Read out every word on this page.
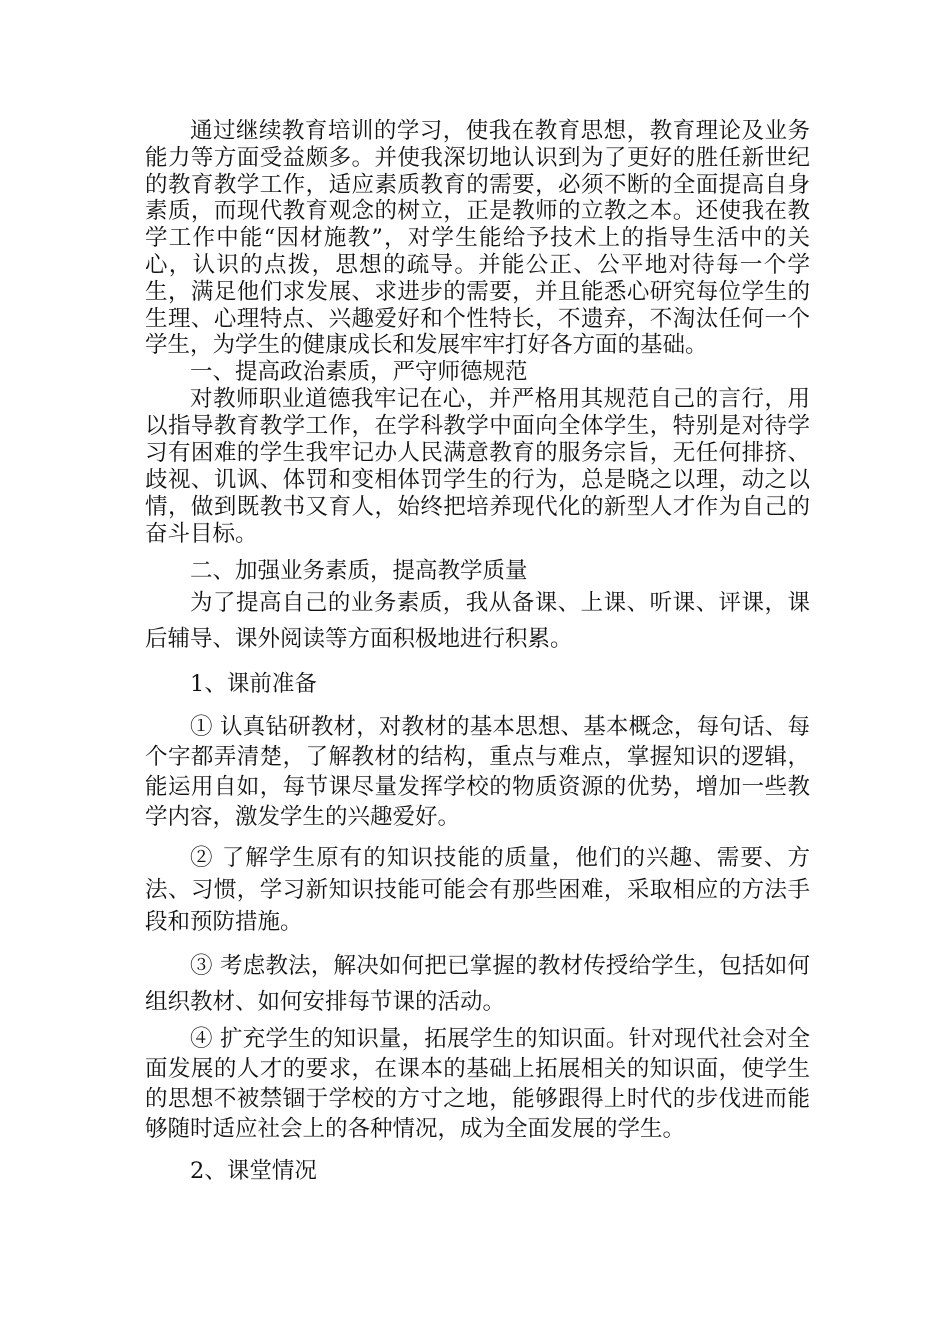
通过继续教育培训的学习，使我在教育思想，教育理论及业务能力等方面受益颇多。并使我深切地认识到为了更好的胜任新世纪的教育教学工作，适应素质教育的需要，必须不断的全面提高自身素质，而现代教育观念的树立，正是教师的立教之本。还使我在教学工作中能“因材施教”，对学生能给予技术上的指导生活中的关心，认识的点拨，思想的疏导。并能公正、公平地对待每一个学生，满足他们求发展、求进步的需要，并且能悉心研究每位学生的生理、心理特点、兴趣爱好和个性特长，不遗弃，不淘汰任何一个学生，为学生的健康成长和发展牢牢打好各方面的基础。

一、提高政治素质，严守师德规范

对教师职业道德我牢记在心，并严格用其规范自己的言行，用以指导教育教学工作，在学科教学中面向全体学生，特别是对待学习有困难的学生我牢记办人民满意教育的服务宗旨，无任何排挤、歧视、讥讽、体罚和变相体罚学生的行为，总是晓之以理，动之以情，做到既教书又育人，始终把培养现代化的新型人才作为自己的奋斗目标。

二、加强业务素质，提高教学质量

为了提高自己的业务素质，我从备课、上课、听课、评课，课后辅导、课外阅读等方面积极地进行积累。

1、课前准备

① 认真钻研教材，对教材的基本思想、基本概念，每句话、每个字都弄清楚，了解教材的结构，重点与难点，掌握知识的逻辑，能运用自如，每节课尽量发挥学校的物质资源的优势，增加一些教学内容，激发学生的兴趣爱好。

② 了解学生原有的知识技能的质量，他们的兴趣、需要、方法、习惯，学习新知识技能可能会有那些困难，采取相应的方法手段和预防措施。

③ 考虑教法，解决如何把已掌握的教材传授给学生，包括如何组织教材、如何安排每节课的活动。

④ 扩充学生的知识量，拓展学生的知识面。针对现代社会对全面发展的人才的要求，在课本的基础上拓展相关的知识面，使学生的思想不被禁锢于学校的方寸之地，能够跟得上时代的步伐进而能够随时适应社会上的各种情况，成为全面发展的学生。

2、课堂情况
